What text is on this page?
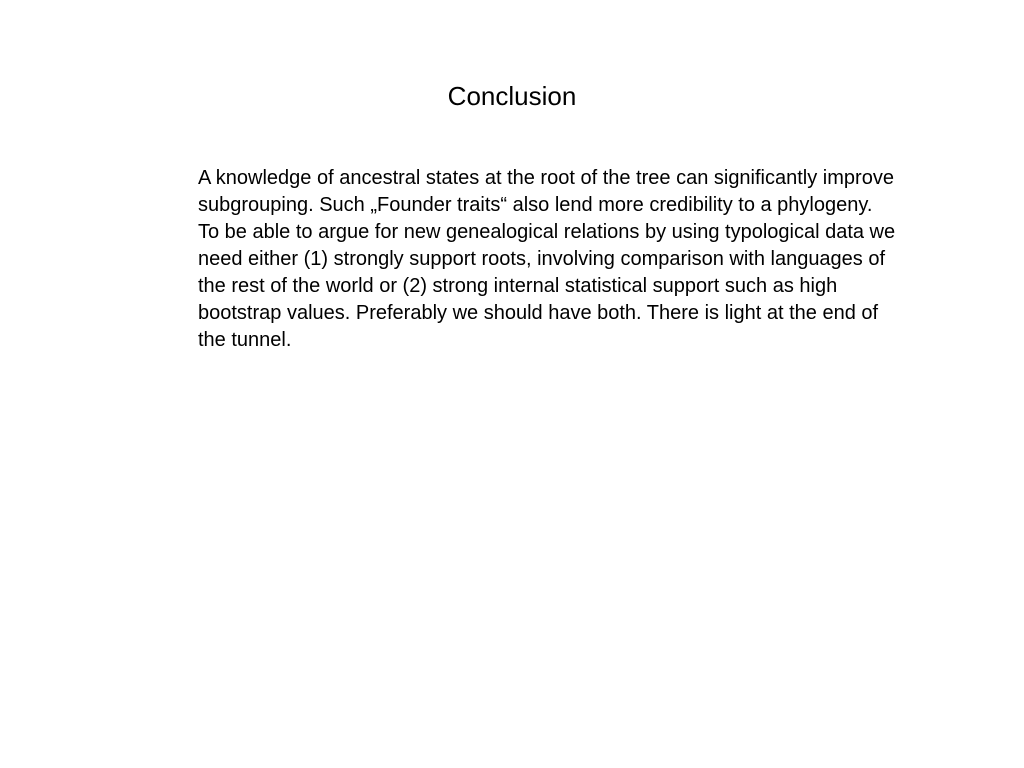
Conclusion

A knowledge of ancestral states at the root of the tree can significantly improve subgrouping. Such „Founder traits“ also lend more credibility to a phylogeny. To be able to argue for new genealogical relations by using typological data we need either (1) strongly support roots, involving comparison with languages of the rest of the world or (2) strong internal statistical support such as high bootstrap values. Preferably we should have both. There is light at the end of the tunnel.
